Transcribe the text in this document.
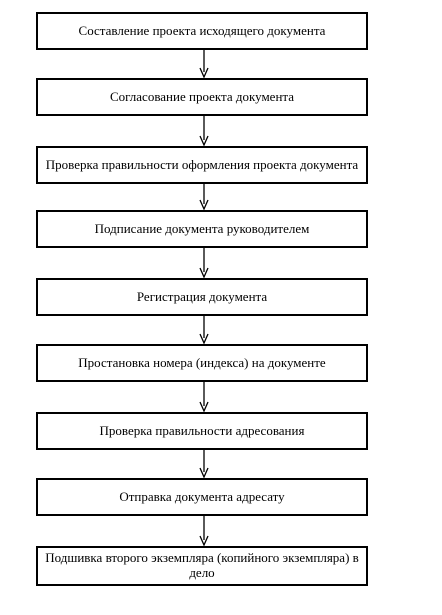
Составление проекта исходящего документа
Согласование проекта документа
Проверка правильности оформления проекта документа
Подписание документа руководителем
Регистрация документа
Простановка номера (индекса) на документе
Проверка правильности адресования
Отправка документа адресату
Подшивка второго экземпляра (копийного экземпляра) в дело
